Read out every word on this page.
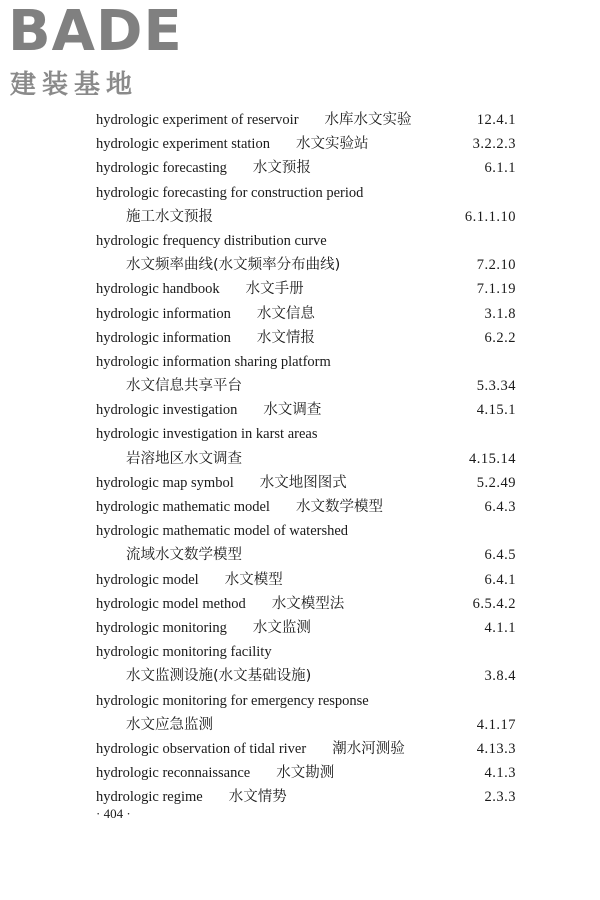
BADE
建装基地
hydrologic experiment of reservoir 水库水文实验	12.4.1
hydrologic experiment station 水文实验站	3.2.2.3
hydrologic forecasting 水文预报	6.1.1
hydrologic forecasting for construction period
施工水文预报	6.1.1.10
hydrologic frequency distribution curve
水文频率曲线(水文频率分布曲线)	7.2.10
hydrologic handbook 水文手册	7.1.19
hydrologic information 水文信息	3.1.8
hydrologic information 水文情报	6.2.2
hydrologic information sharing platform
水文信息共享平台	5.3.34
hydrologic investigation 水文调查	4.15.1
hydrologic investigation in karst areas
岩溶地区水文调查	4.15.14
hydrologic map symbol 水文地图图式	5.2.49
hydrologic mathematic model 水文数学模型	6.4.3
hydrologic mathematic model of watershed
流域水文数学模型	6.4.5
hydrologic model 水文模型	6.4.1
hydrologic model method 水文模型法	6.5.4.2
hydrologic monitoring 水文监测	4.1.1
hydrologic monitoring facility
水文监测设施(水文基础设施)	3.8.4
hydrologic monitoring for emergency response
水文应急监测	4.1.17
hydrologic observation of tidal river 潮水河测验	4.13.3
hydrologic reconnaissance 水文勘测	4.1.3
hydrologic regime 水文情势	2.3.3
· 404 ·
